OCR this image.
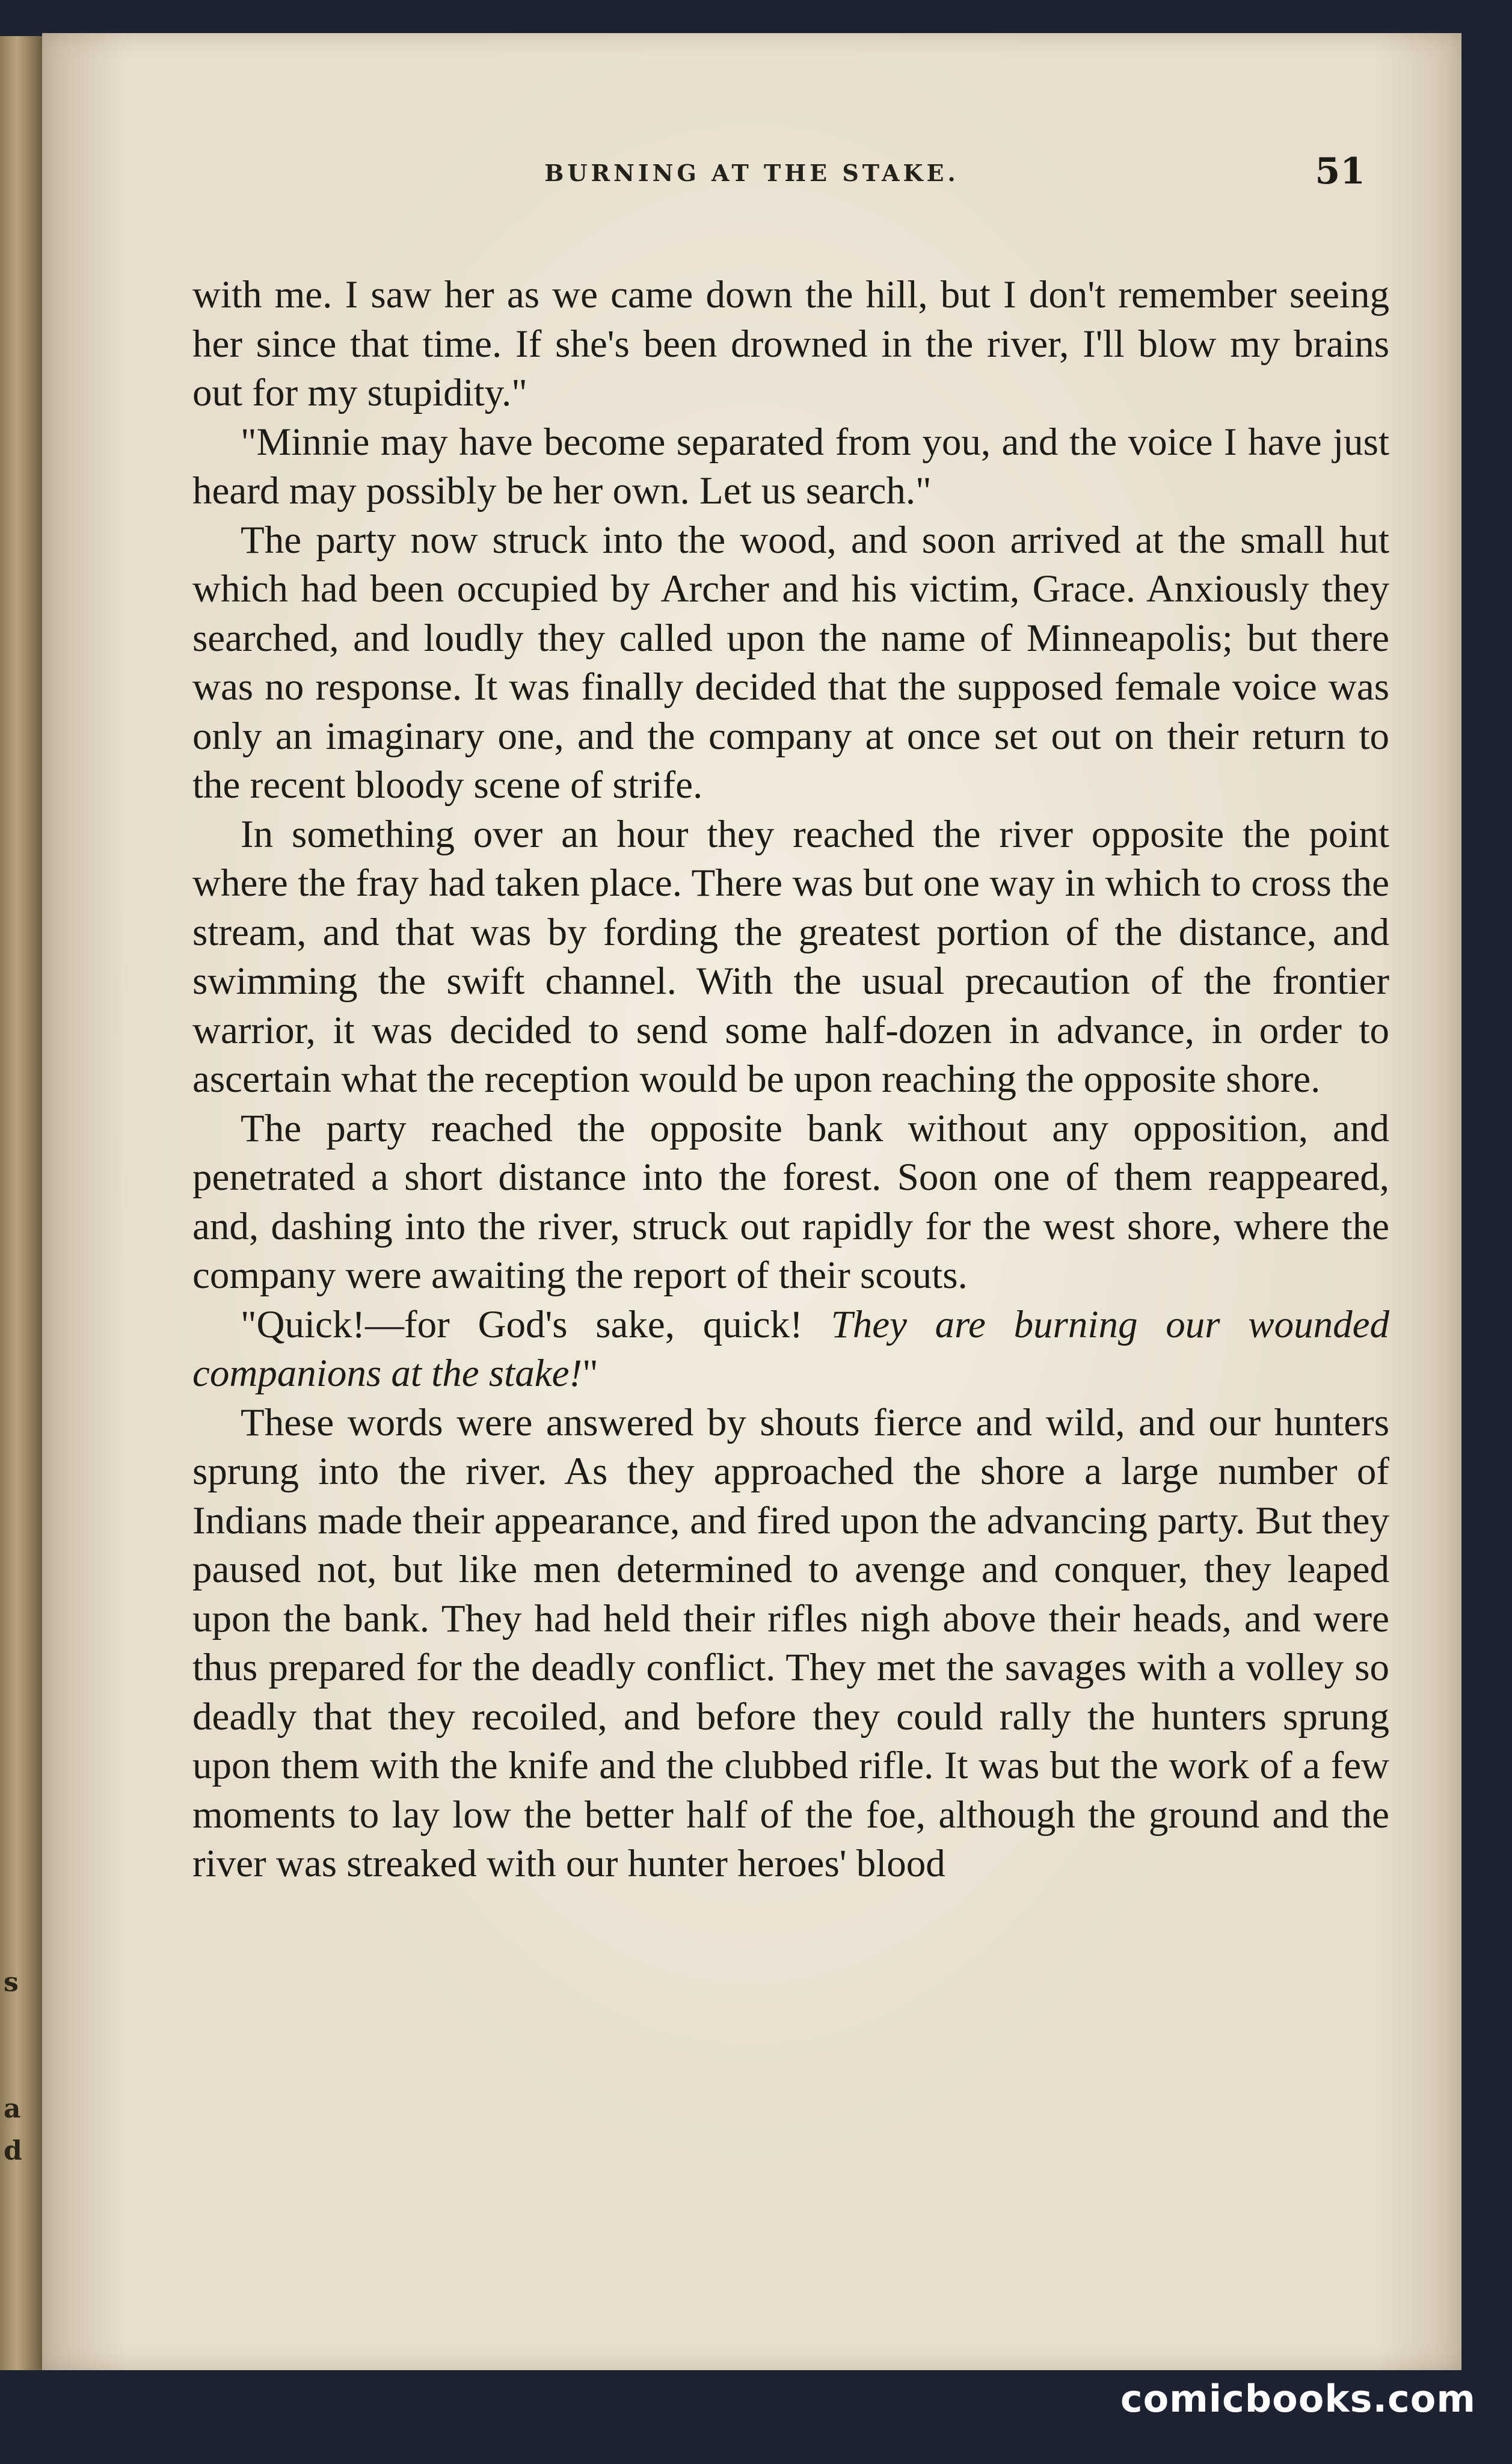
s
a
d
BURNING AT THE STAKE.	51

with me. I saw her as we came down the hill, but I don't remember seeing her since that time. If she's been drowned in the river, I'll blow my brains out for my stupidity."

"Minnie may have become separated from you, and the voice I have just heard may possibly be her own. Let us search."

The party now struck into the wood, and soon arrived at the small hut which had been occupied by Archer and his victim, Grace. Anxiously they searched, and loudly they called upon the name of Minneapolis; but there was no response. It was finally decided that the supposed female voice was only an imaginary one, and the company at once set out on their return to the recent bloody scene of strife.

In something over an hour they reached the river opposite the point where the fray had taken place. There was but one way in which to cross the stream, and that was by fording the greatest portion of the distance, and swimming the swift channel. With the usual precaution of the frontier warrior, it was decided to send some half-dozen in advance, in order to ascertain what the reception would be upon reaching the opposite shore.

The party reached the opposite bank without any opposition, and penetrated a short distance into the forest. Soon one of them reappeared, and, dashing into the river, struck out rapidly for the west shore, where the company were awaiting the report of their scouts.

"Quick!—for God's sake, quick! They are burning our wounded companions at the stake!"

These words were answered by shouts fierce and wild, and our hunters sprung into the river. As they approached the shore a large number of Indians made their appearance, and fired upon the advancing party. But they paused not, but like men determined to avenge and conquer, they leaped upon the bank. They had held their rifles nigh above their heads, and were thus prepared for the deadly conflict. They met the savages with a volley so deadly that they recoiled, and before they could rally the hunters sprung upon them with the knife and the clubbed rifle. It was but the work of a few moments to lay low the better half of the foe, although the ground and the river was streaked with our hunter heroes' blood

comicbooks.com
